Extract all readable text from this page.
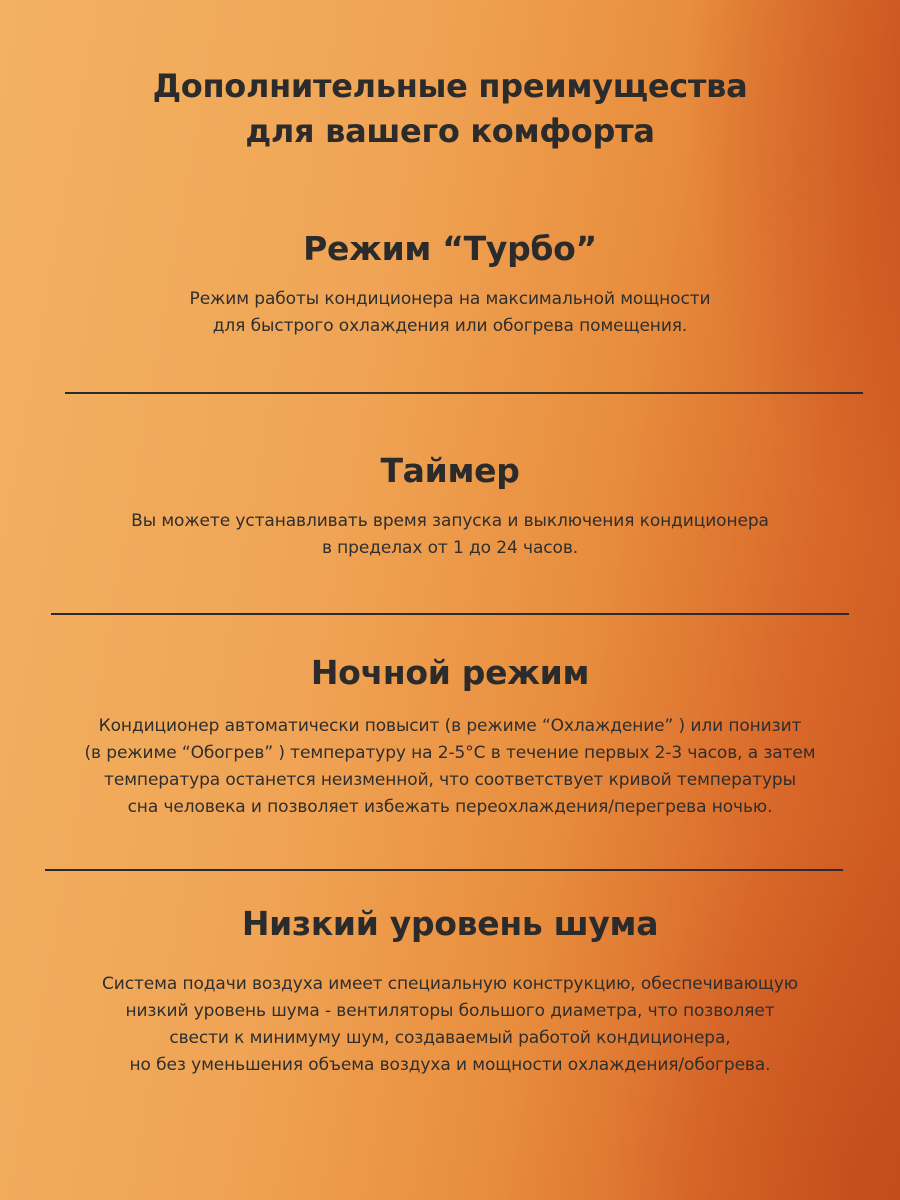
Дополнительные преимущества
для вашего комфорта
Режим “Турбо”
Режим работы кондиционера на максимальной мощности
для быстрого охлаждения или обогрева помещения.
Таймер
Вы можете устанавливать время запуска и выключения кондиционера
в пределах от 1 до 24 часов.
Ночной режим
Кондиционер автоматически повысит (в режиме “Охлаждение” ) или понизит
(в режиме “Обогрев” ) температуру на 2-5°С в течение первых 2-3 часов, а затем
температура останется неизменной, что соответствует кривой температуры
сна человека и позволяет избежать переохлаждения/перегрева ночью.
Низкий уровень шума
Система подачи воздуха имеет специальную конструкцию, обеспечивающую
низкий уровень шума - вентиляторы большого диаметра, что позволяет
свести к минимуму шум, создаваемый работой кондиционера,
но без уменьшения объема воздуха и мощности охлаждения/обогрева.
